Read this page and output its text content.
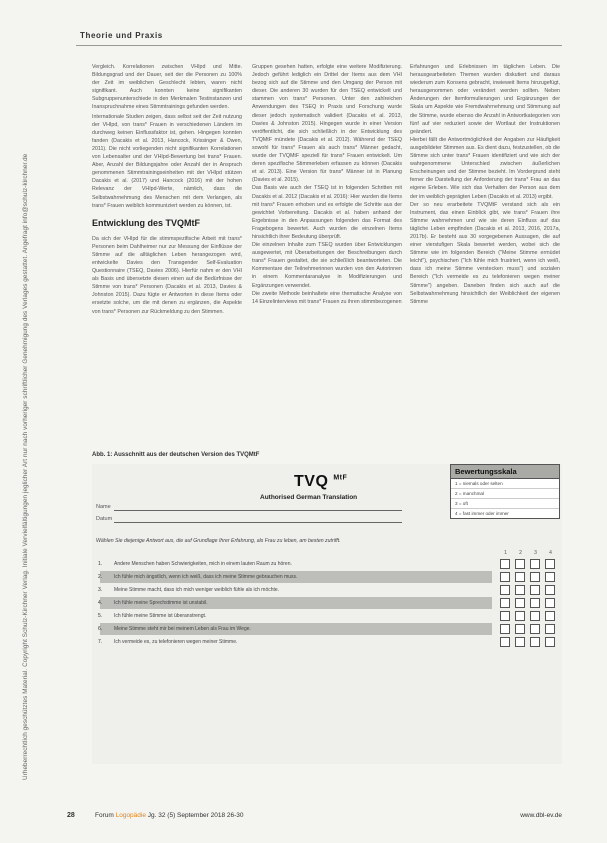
Urheberrechtlich geschütztes Material. Copyright Schulz-Kirchner Verlag. Initiale Vervielfältigungen jeglicher Art nur nach vorheriger schriftlicher Genehmigung des Verlages gestattet. Angefragt info@schulz-kirchner.de
Theorie und Praxis

Vergleich. Korrelationen zwischen VHIpd und Mitte. Bildungsgrad und der Dauer, seit der die Personen zu 100% der Zeit im weiblichen Geschlecht lebten, waren nicht signifikant. Auch konnten keine signifikanten Subgruppenunterschiede in den Merkmalen Testinstanzen und Inanspruchnahme eines Stimmtrainings gefunden werden.

Internationale Studien zeigen, dass selbst seit der Zeit nutzung der VHIpd, von trans* Frauen in verschiedenen Ländern im durchweg keinen Einflussfaktor ist, gehen. Hingegen konnten fanden (Dacakis et al. 2013, Hancock, Krissinger & Owen, 2011). Die nicht vorliegenden nicht signifikanten Korrelationen von Lebensalter und der VHIpd-Bewertung bei trans* Frauen. Aber, Anzahl der Bildungsjahre oder Anzahl der in Anspruch genommenen Stimmtrainingseinheiten mit der VHIpd stützen Dacakis et al. (2017) und Hancock (2016) mit der hohen Relevanz der VHIpd-Werte, nämlich, dass die Selbstwahrnehmung des Menschen mit dem Verlangen, als trans* Frauen weiblich kommuniziert werden zu können, ist.

Entwicklung des TVQMtF

Da sich der VHIpd für die stimmspezifische Arbeit mit trans* Personen beim Dahlheimer nur zur Messung der Einflüsse der Stimme auf die alltäglichen Leben herangezogen wird, entwickelte Davies den Transgender Self-Evaluation Questionnaire (TSEQ, Davies 2006). Hierfür nahm er den VHI als Basis und übersetzte diesen einen auf die Bedürfnisse der Stimme von trans* Personen (Dacakis et al. 2013, Davies & Johnston 2015). Dazu fügte er Antworten in diese Items oder ersetzte solche, um die mit denen zu ergänzen, die Aspekte von trans* Personen zur Rückmeldung zu den Stimmen.

Gruppen gesehen hatten, erfolgte eine weitere Modifizierung. Jedoch geführt lediglich ein Drittel der Items aus dem VHI bezog sich auf die Stimme und den Umgang der Person mit dieser. Die anderen 30 wurden für den TSEQ entwickelt und stammen von trans* Personen. Unter den zahlreichen Anwendungen des TSEQ in Praxis und Forschung wurde dieser jedoch systematisch validiert (Dacakis et al. 2013, Davies & Johnston 2015). Hingegen wurde in einer Version veröffentlicht, die sich schließlich in der Entwicklung des TVQMtF mündete (Dacakis et al. 2012). Während der TSEQ sowohl für trans* Frauen als auch trans* Männer gedacht, wurde der TVQMtF speziell für trans* Frauen entwickelt. Um deren spezifische Stimmerleben erfassen zu können (Dacakis et al. 2013). Eine Version für trans* Männer ist in Planung (Davies et al. 2015).

Das Basis wie auch der TSEQ ist in folgenden Schritten mit Dacakis et al. 2012 (Dacakis et al. 2016): Hier wurden die Items mit trans* Frauen erhoben und es erfolgte die Schritte aus der gewichtet Vorbereitung. Dacakis et al. haben anhand der Ergebnisse in den Anpassungen folgenden das Format des Fragebogens bewertet. Auch wurden die einzelnen Items hinsichtlich ihrer Bedeutung überprüft.

Die einzelnen Inhalte zum TSEQ wurden über Entwicklungen ausgewertet, mit Überarbeitungen der Beschreibungen durch trans* Frauen gestaltet, die sie schließlich beantworteten. Die Kommentare der Teilnehmerinnen wurden von den Autorinnen in einem Kommentaranalyse in Modifizierungen und Ergänzungen verwendet.

Die zweite Methode beinhaltete eine thematische Analyse von 14 Einzelinterviews mit trans* Frauen zu ihren stimmbezogenen

Erfahrungen und Erlebnissen im täglichen Leben. Die herausgearbeiteten Themen wurden diskutiert und daraus wiederum zum Konsens gebracht, inwieweit Items hinzugefügt, herausgenommen oder verändert werden sollten. Neben Änderungen der Itemformulierungen und Ergänzungen der Skala um Aspekte wie Fremdwahrnehmung und Stimmung auf die Stimme, wurde ebenso die Anzahl in Antwortkategorien von fünf auf vier reduziert sowie der Wortlaut der Instruktionen geändert.

Hierbei fällt die Antwortmöglichkeit der Angaben zur Häufigkeit ausgebildeter Stimmen aus. Es dient dazu, festzustellen, ob die Stimme sich unter trans* Frauen identifiziert und wie sich der wahrgenommene Unterschied zwischen äußerlichen Erscheinungen und der Stimme bezieht. Im Vordergrund steht ferner die Darstellung der Anforderung der trans* Frau an das eigene Erleben. Wie sich das Verhalten der Person aus dem der im weiblich geprägten Leben (Dacakis et al. 2013) ergibt.

Der so neu erarbeitete TVQMtF verstand sich als ein Instrument, das einen Einblick gibt, wie trans* Frauen ihre Stimme wahrnehmen und wie sie deren Einfluss auf das tägliche Leben empfinden (Dacakis et al. 2013, 2016, 2017a, 2017b). Er besteht aus 30 vorgegebenen Aussagen, die auf einer vierstufigen Skala bewertet werden, wobei sich die Stimme wie im folgenden Bereich ("Meine Stimme ermüdet leicht"), psychischen ("Ich fühle mich frustriert, wenn ich weiß, dass ich meine Stimme verstecken muss") und sozialen Bereich ("Ich vermeide es zu telefonieren wegen meiner Stimme") angeben. Daneben finden sich auch auf die Selbstwahrnehmung hinsichtlich der Weiblichkeit der eigenen Stimme

Abb. 1: Ausschnitt aus der deutschen Version des TVQMtF
TVQ $^{MtF}$
Authorised German Translation
Name
Datum
Bewertungsskala
1 = niemals oder selten
2 = manchmal
3 = oft
4 = fast immer oder immer
Wählen Sie diejenige Antwort aus, die auf Grundlage Ihrer Erfahrung, als Frau zu leben, am besten zutrifft.
1	2	3	4
1. Andere Menschen haben Schwierigkeiten, mich in einem lauten Raum zu hören.
2. Ich fühle mich ängstlich, wenn ich weiß, dass ich meine Stimme gebrauchen muss.
3. Meine Stimme macht, dass ich mich weniger weiblich fühle als ich möchte.
4. Ich fühle meine Sprechstimme ist unstabil.
5. Ich fühle meine Stimme ist überanstrengt.
6. Meine Stimme steht mir bei meinem Leben als Frau im Wege.
7. Ich vermeide es, zu telefonieren wegen meiner Stimme.
28	Forum Logopädie Jg. 32 (5) September 2018 26-30	www.dbl-ev.de
